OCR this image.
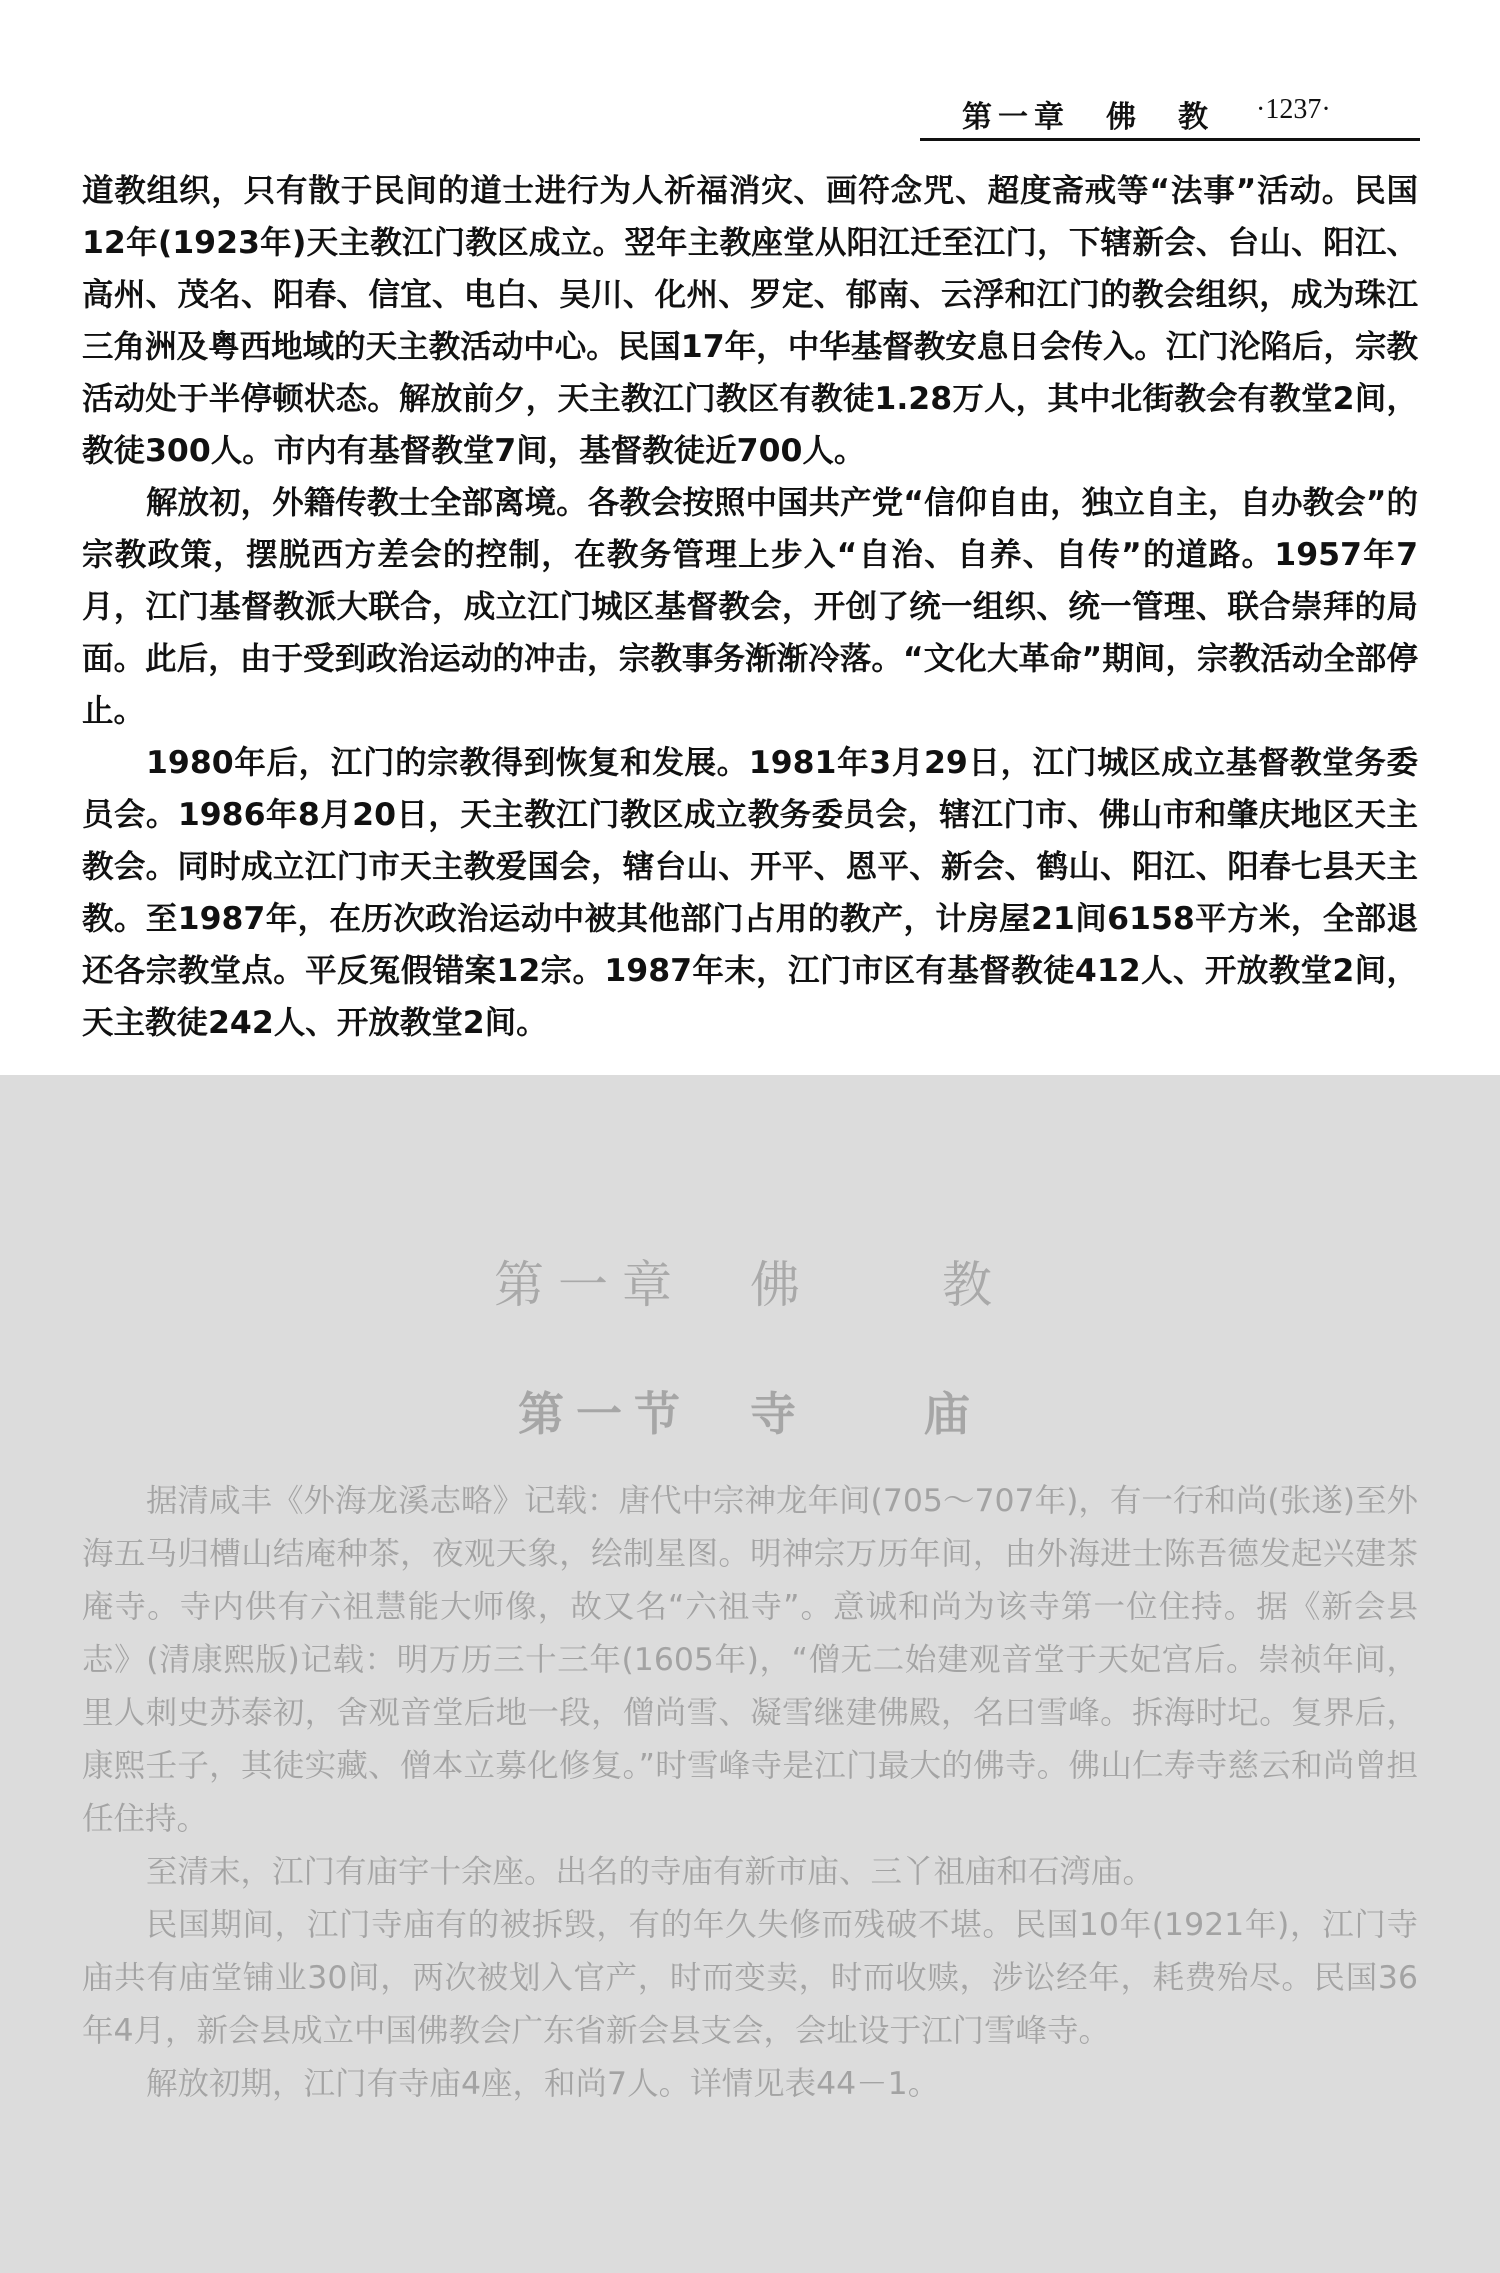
第一章　佛　教 ·1237·

道教组织，只有散于民间的道士进行为人祈福消灾、画符念咒、超度斋戒等“法事”活动。民国12年(1923年)天主教江门教区成立。翌年主教座堂从阳江迁至江门，下辖新会、台山、阳江、高州、茂名、阳春、信宜、电白、吴川、化州、罗定、郁南、云浮和江门的教会组织，成为珠江三角洲及粤西地域的天主教活动中心。民国17年，中华基督教安息日会传入。江门沦陷后，宗教活动处于半停顿状态。解放前夕，天主教江门教区有教徒1.28万人，其中北街教会有教堂2间，教徒300人。市内有基督教堂7间，基督教徒近700人。

解放初，外籍传教士全部离境。各教会按照中国共产党“信仰自由，独立自主，自办教会”的宗教政策，摆脱西方差会的控制，在教务管理上步入“自治、自养、自传”的道路。1957年7月，江门基督教派大联合，成立江门城区基督教会，开创了统一组织、统一管理、联合崇拜的局面。此后，由于受到政治运动的冲击，宗教事务渐渐冷落。“文化大革命”期间，宗教活动全部停止。

1980年后，江门的宗教得到恢复和发展。1981年3月29日，江门城区成立基督教堂务委员会。1986年8月20日，天主教江门教区成立教务委员会，辖江门市、佛山市和肇庆地区天主教会。同时成立江门市天主教爱国会，辖台山、开平、恩平、新会、鹤山、阳江、阳春七县天主教。至1987年，在历次政治运动中被其他部门占用的教产，计房屋21间6158平方米，全部退还各宗教堂点。平反冤假错案12宗。1987年末，江门市区有基督教徒412人、开放教堂2间，天主教徒242人、开放教堂2间。

第一章　佛　　教
第一节　寺　　庙

据清咸丰《外海龙溪志略》记载：唐代中宗神龙年间(705～707年)，有一行和尚(张遂)至外海五马归槽山结庵种茶，夜观天象，绘制星图。明神宗万历年间，由外海进士陈吾德发起兴建茶庵寺。寺内供有六祖慧能大师像，故又名“六祖寺”。意诚和尚为该寺第一位住持。据《新会县志》(清康熙版)记载：明万历三十三年(1605年)，“僧无二始建观音堂于天妃宫后。崇祯年间，里人刺史苏泰初，舍观音堂后地一段，僧尚雪、凝雪继建佛殿，名曰雪峰。拆海时圮。复界后，康熙壬子，其徒实藏、僧本立募化修复。”时雪峰寺是江门最大的佛寺。佛山仁寿寺慈云和尚曾担任住持。

至清末，江门有庙宇十余座。出名的寺庙有新市庙、三丫祖庙和石湾庙。

民国期间，江门寺庙有的被拆毁，有的年久失修而残破不堪。民国10年(1921年)，江门寺庙共有庙堂铺业30间，两次被划入官产，时而变卖，时而收赎，涉讼经年，耗费殆尽。民国36年4月，新会县成立中国佛教会广东省新会县支会，会址设于江门雪峰寺。

解放初期，江门有寺庙4座，和尚7人。详情见表44－1。
